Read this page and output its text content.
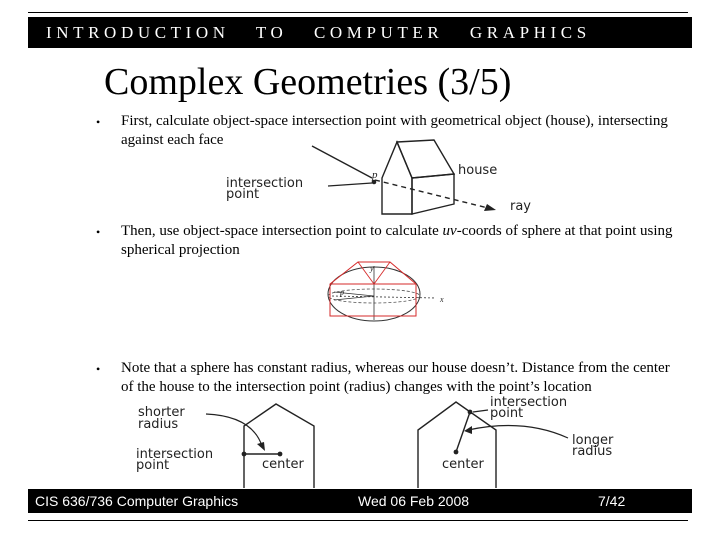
INTRODUCTION   TO   COMPUTER   GRAPHICS
Complex Geometries (3/5)
• First, calculate object-space intersection point with geometrical object (house), intersecting against each face
p
intersection
point
house
ray
• Then, use object-space intersection point to calculate uv-coords of sphere at that point using spherical projection
y
x
p
• Note that a sphere has constant radius, whereas our house doesn’t. Distance from the center of the house to the intersection point (radius) changes with the point’s location
shorter
radius
intersection
point	center
intersection
point
longer
radius
center
CIS 636/736 Computer Graphics	Wed 06 Feb 2008	7/42
